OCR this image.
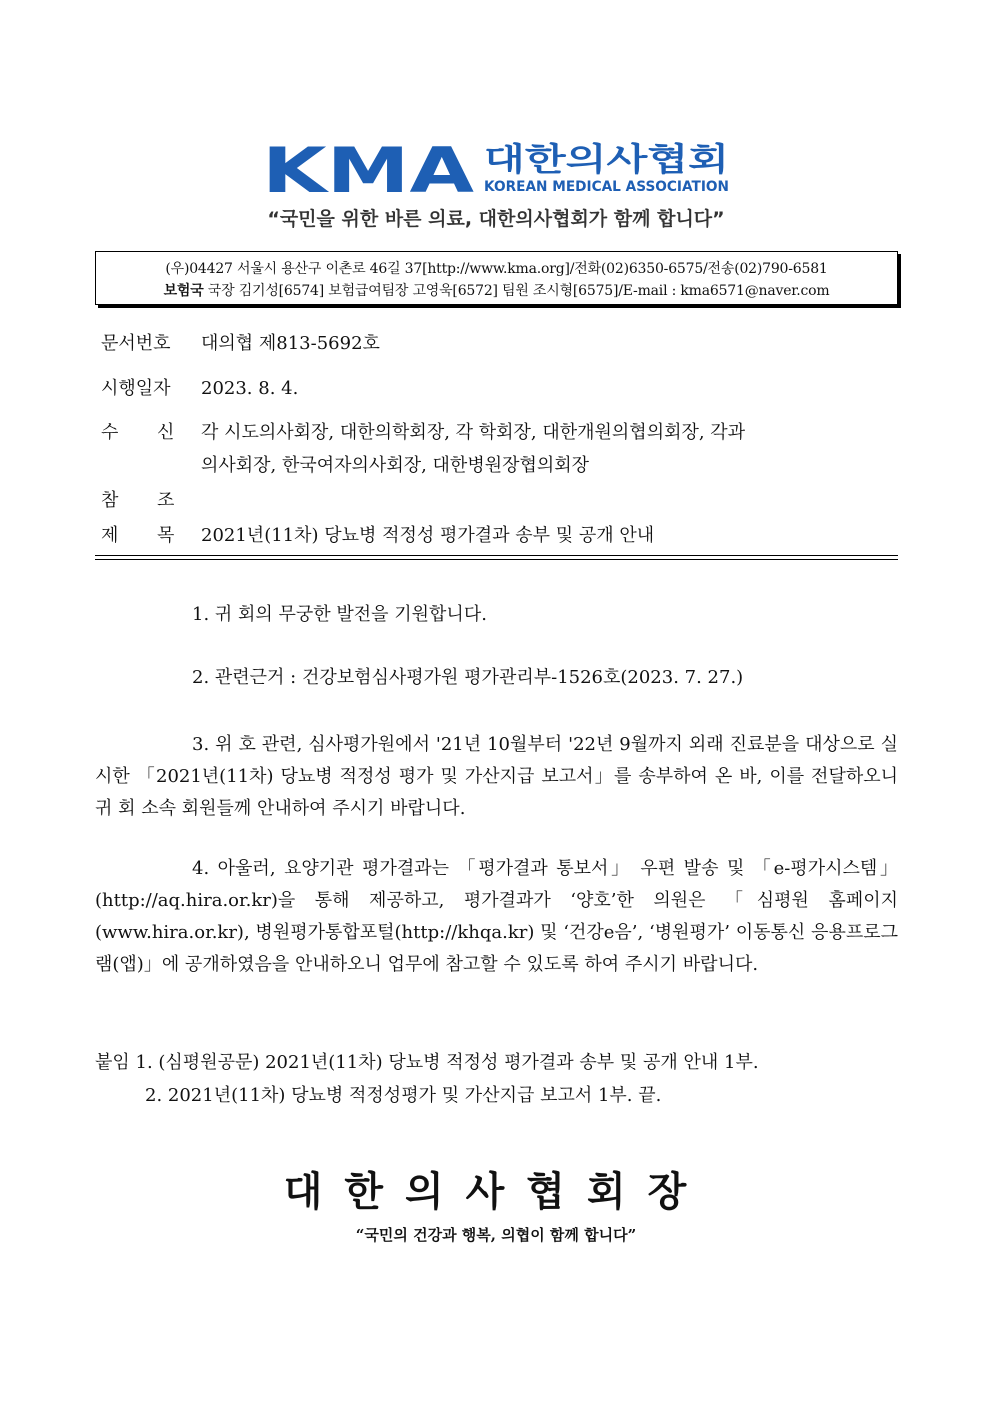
KMA 대한의사협회
KOREAN MEDICAL ASSOCIATION
“국민을 위한 바른 의료, 대한의사협회가 함께 합니다”
(우)04427 서울시 용산구 이촌로 46길 37[http://www.kma.org]/전화(02)6350-6575/전송(02)790-6581
보험국 국장 김기성[6574] 보험급여팀장 고영욱[6572] 팀원 조시형[6575]/E-mail : kma6571@naver.com
문서번호 대의협 제813-5692호
시행일자 2023. 8. 4.
수 신 각 시도의사회장, 대한의학회장, 각 학회장, 대한개원의협의회장, 각과
의사회장, 한국여자의사회장, 대한병원장협의회장
참 조
제 목 2021년(11차) 당뇨병 적정성 평가결과 송부 및 공개 안내
1. 귀 회의 무궁한 발전을 기원합니다.
2. 관련근거 : 건강보험심사평가원 평가관리부-1526호(2023. 7. 27.)
3. 위 호 관련, 심사평가원에서 '21년 10월부터 '22년 9월까지 외래 진료분을 대상으로 실시한 「2021년(11차) 당뇨병 적정성 평가 및 가산지급 보고서」를 송부하여 온 바, 이를 전달하오니 귀 회 소속 회원들께 안내하여 주시기 바랍니다.
4. 아울러, 요양기관 평가결과는 「평가결과 통보서」 우편 발송 및 「e-평가시스템」 (http://aq.hira.or.kr)을 통해 제공하고, 평가결과가 ‘양호’한 의원은 「심평원 홈페이지(www.hira.or.kr), 병원평가통합포털(http://khqa.kr) 및 ‘건강e음’, ‘병원평가’ 이동통신 응용프로그램(앱)」에 공개하였음을 안내하오니 업무에 참고할 수 있도록 하여 주시기 바랍니다.
붙임 1. (심평원공문) 2021년(11차) 당뇨병 적정성 평가결과 송부 및 공개 안내 1부.
2. 2021년(11차) 당뇨병 적정성평가 및 가산지급 보고서 1부. 끝.
대한의사협회장
“국민의 건강과 행복, 의협이 함께 합니다”
